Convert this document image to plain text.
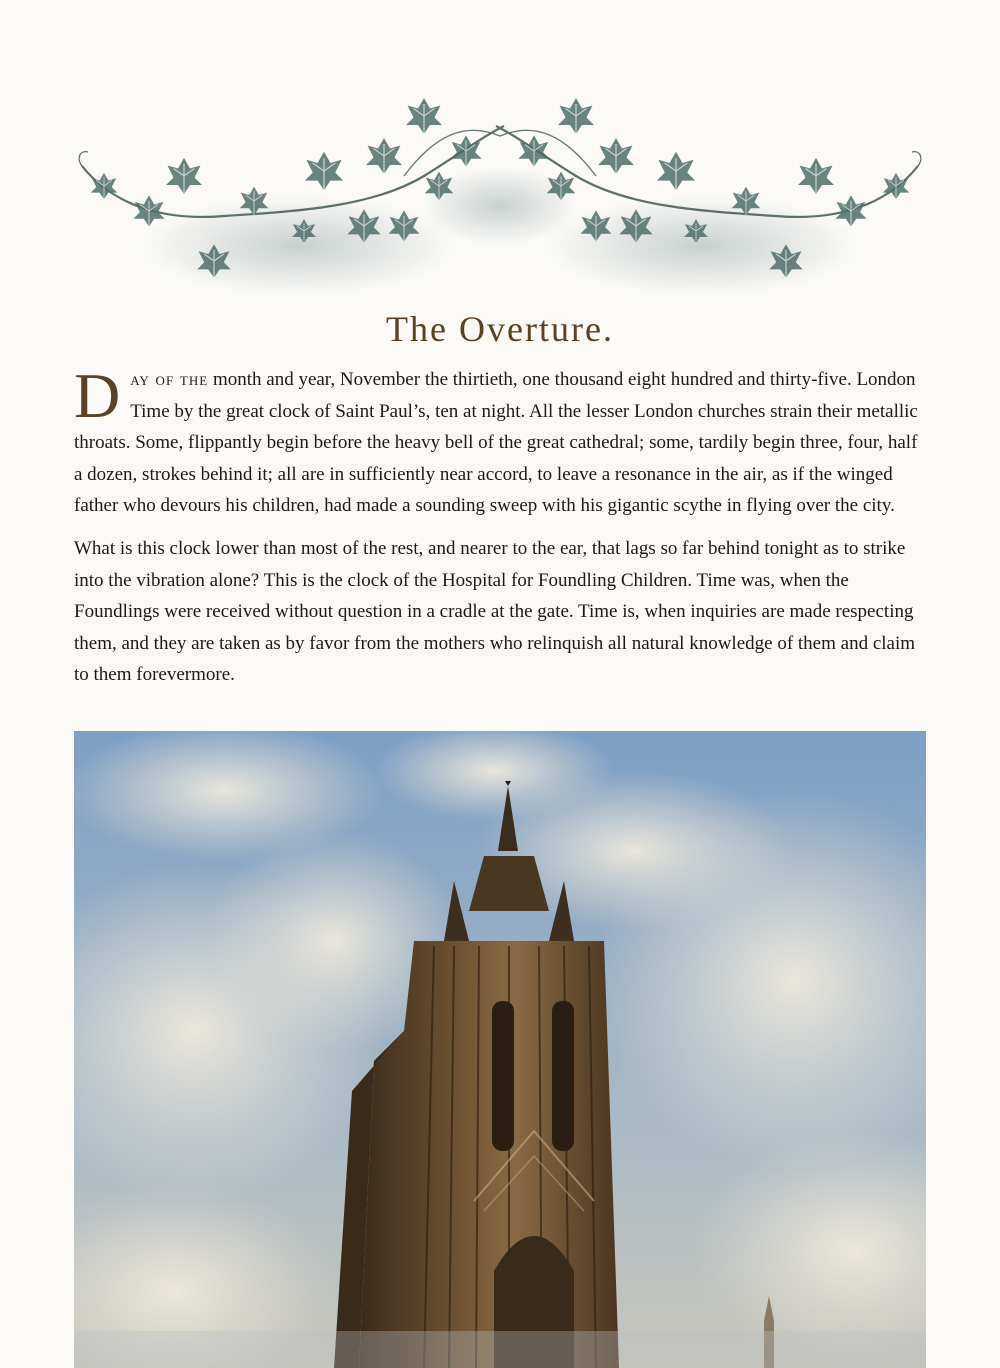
The Overture.

Day of the month and year, November the thirtieth, one thousand eight hundred and thirty-five. London Time by the great clock of Saint Paul’s, ten at night. All the lesser London churches strain their metallic throats. Some, flippantly begin before the heavy bell of the great cathedral; some, tardily begin three, four, half a dozen, strokes behind it; all are in sufficiently near accord, to leave a resonance in the air, as if the winged father who devours his children, had made a sounding sweep with his gigantic scythe in flying over the city.

What is this clock lower than most of the rest, and nearer to the ear, that lags so far behind tonight as to strike into the vibration alone? This is the clock of the Hospital for Foundling Children. Time was, when the Foundlings were received without question in a cradle at the gate. Time is, when inquiries are made respecting them, and they are taken as by favor from the mothers who relinquish all natural knowledge of them and claim to them forevermore.
